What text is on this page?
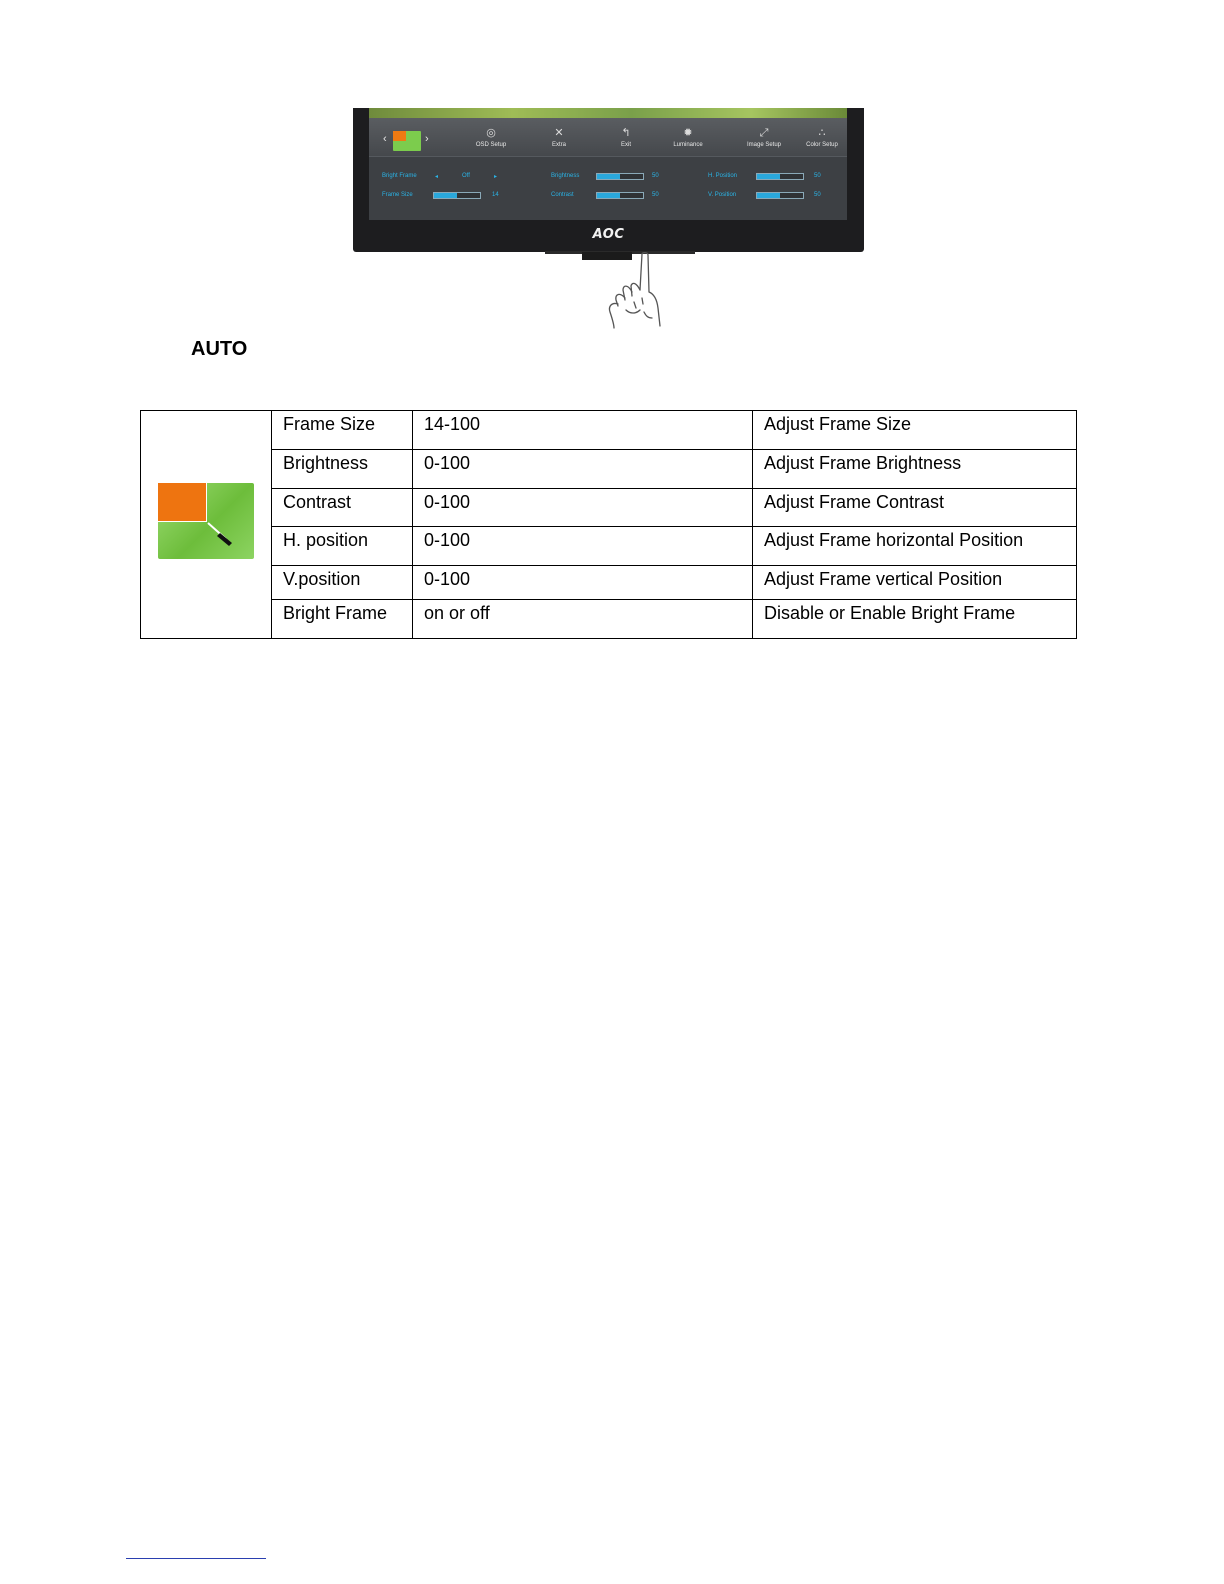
‹	›	◎
OSD Setup
✕
Extra
↰
Exit
✹
Luminance
⤢
Image Setup
∴
Color Setup
Bright Frame	◂	Off	▸
Frame Size	14
Brightness	50
Contrast	50
H. Position	50
V. Position	50
AOC
AUTO
	Frame Size	14-100	Adjust Frame Size
	Brightness	0-100	Adjust Frame Brightness
	Contrast	0-100	Adjust Frame Contrast
	H. position	0-100	Adjust Frame horizontal Position
	V.position	0-100	Adjust Frame vertical Position
	Bright Frame	on or off	Disable or Enable Bright Frame
